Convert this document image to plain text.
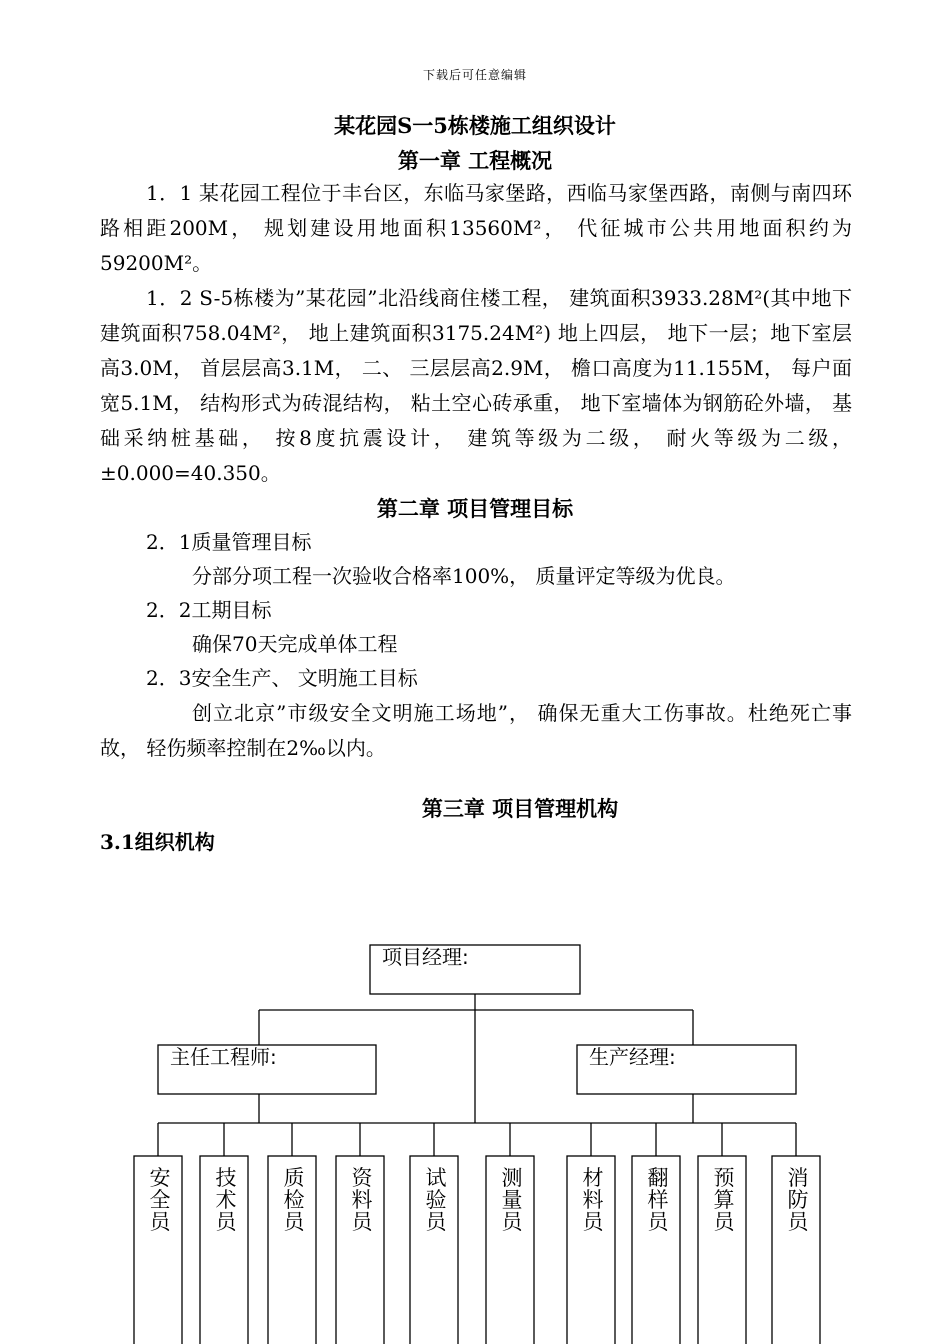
下载后可任意编辑
某花园S一5栋楼施工组织设计
第一章 工程概况
1．1 某花园工程位于丰台区，东临马家堡路，西临马家堡西路，南侧与南四环路相距200M， 规划建设用地面积13560M²， 代征城市公共用地面积约为59200M²。
1．2 S-5栋楼为”某花园”北沿线商住楼工程， 建筑面积3933.28M²(其中地下建筑面积758.04M²， 地上建筑面积3175.24M²) 地上四层， 地下一层；地下室层高3.0M， 首层层高3.1M， 二、 三层层高2.9M， 檐口高度为11.155M， 每户面宽5.1M， 结构形式为砖混结构， 粘土空心砖承重， 地下室墙体为钢筋砼外墙， 基础采纳桩基础， 按8度抗震设计， 建筑等级为二级， 耐火等级为二级， ±0.000=40.350。
第二章 项目管理目标
2．1质量管理目标
分部分项工程一次验收合格率100%， 质量评定等级为优良。
2．2工期目标
确保70天完成单体工程
2．3安全生产、 文明施工目标
创立北京”市级安全文明施工场地”， 确保无重大工伤事故。杜绝死亡事故， 轻伤频率控制在2‰以内。
第三章 项目管理机构
3.1组织机构
项目经理:
主任工程师:	生产经理:
安
全
员
技
术
员
质
检
员
资
料
员
试
验
员
测
量
员
材
料
员
翻
样
员
预
算
员
消
防
员
